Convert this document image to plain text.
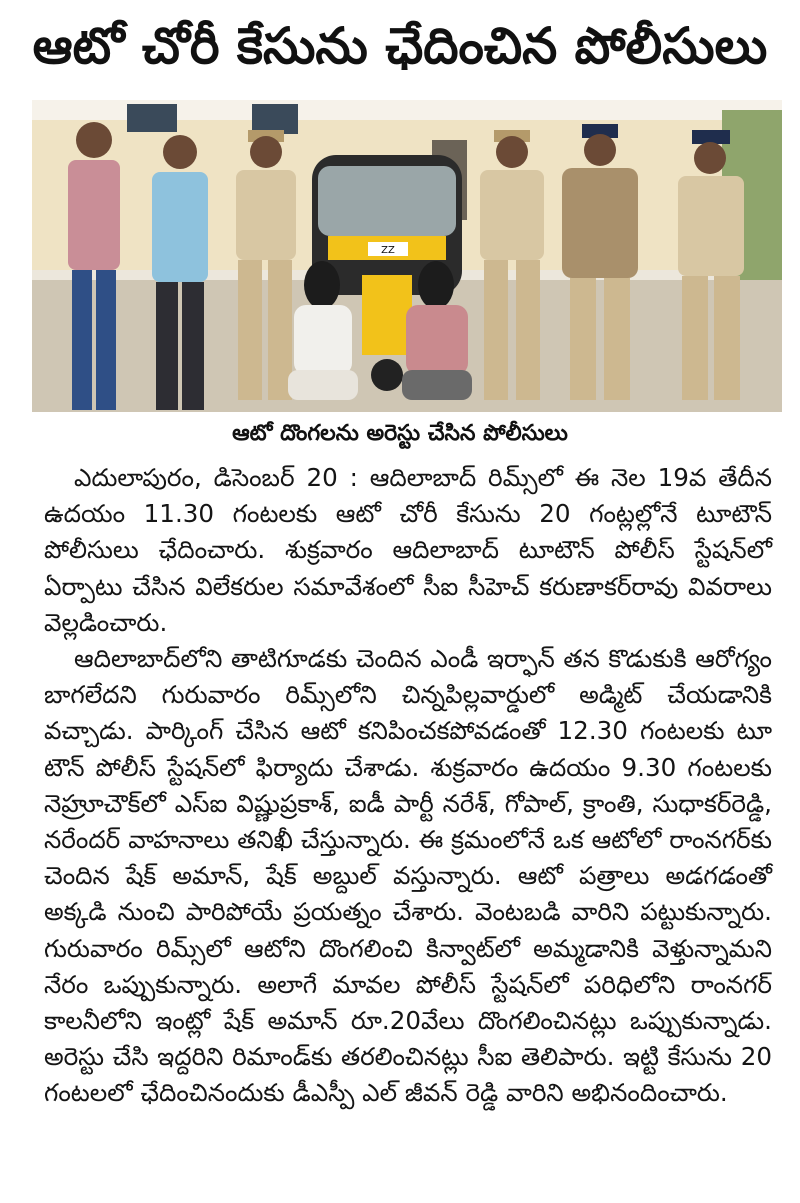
ఆటో చోరీ కేసును ఛేదించిన పోలీసులు
ZZ
ఆటో దొంగలను అరెస్టు చేసిన పోలీసులు

ఎదులాపురం, డిసెంబర్ 20 : ఆదిలాబాద్ రిమ్స్‌లో ఈ నెల 19వ తేదీన ఉదయం 11.30 గంటలకు ఆటో చోరీ కేసును 20 గంట్లల్లోనే టూటౌన్ పోలీసులు ఛేదించారు. శుక్రవారం ఆదిలాబాద్ టూటౌన్ పోలీస్ స్టేషన్‌లో ఏర్పాటు చేసిన విలేకరుల సమావేశంలో సీఐ సీహెచ్ కరుణాకర్‌రావు వివరాలు వెల్లడించారు.

ఆదిలాబాద్‌లోని తాటిగూడకు చెందిన ఎండీ ఇర్ఫాన్ తన కొడుకుకి ఆరోగ్యం బాగలేదని గురువారం రిమ్స్‌లోని చిన్నపిల్లవార్డులో అడ్మిట్ చేయడానికి వచ్చాడు. పార్కింగ్ చేసిన ఆటో కనిపించకపోవడంతో 12.30 గంటలకు టూ టౌన్ పోలీస్ స్టేషన్‌లో ఫిర్యాదు చేశాడు. శుక్రవారం ఉదయం 9.30 గంటలకు నెహ్రూచౌక్‌లో ఎస్ఐ విష్ణుప్రకాశ్, ఐడీ పార్టీ నరేశ్, గోపాల్, క్రాంతి, సుధాకర్‌రెడ్డి, నరేందర్ వాహనాలు తనిఖీ చేస్తున్నారు. ఈ క్రమంలోనే ఒక ఆటోలో రాంనగర్‌కు చెందిన షేక్ అమాన్, షేక్ అబ్దుల్ వస్తున్నారు. ఆటో పత్రాలు అడగడంతో అక్కడి నుంచి పారిపోయే ప్రయత్నం చేశారు. వెంటబడి వారిని పట్టుకున్నారు. గురువారం రిమ్స్‌లో ఆటోని దొంగలించి కిన్వాట్‌లో అమ్మడానికి వెళ్తున్నామని నేరం ఒప్పుకున్నారు. అలాగే మావల పోలీస్ స్టేషన్‌లో పరిధిలోని రాంనగర్ కాలనీలోని ఇంట్లో షేక్ అమాన్ రూ.20వేలు దొంగలించినట్లు ఒప్పుకున్నాడు. అరెస్టు చేసి ఇద్దరిని రిమాండ్‌కు తరలించినట్లు సీఐ తెలిపారు. ఇట్టి కేసును 20 గంటలలో ఛేదించినందుకు డీఎస్పీ ఎల్ జీవన్ రెడ్డి వారిని అభినందించారు.
